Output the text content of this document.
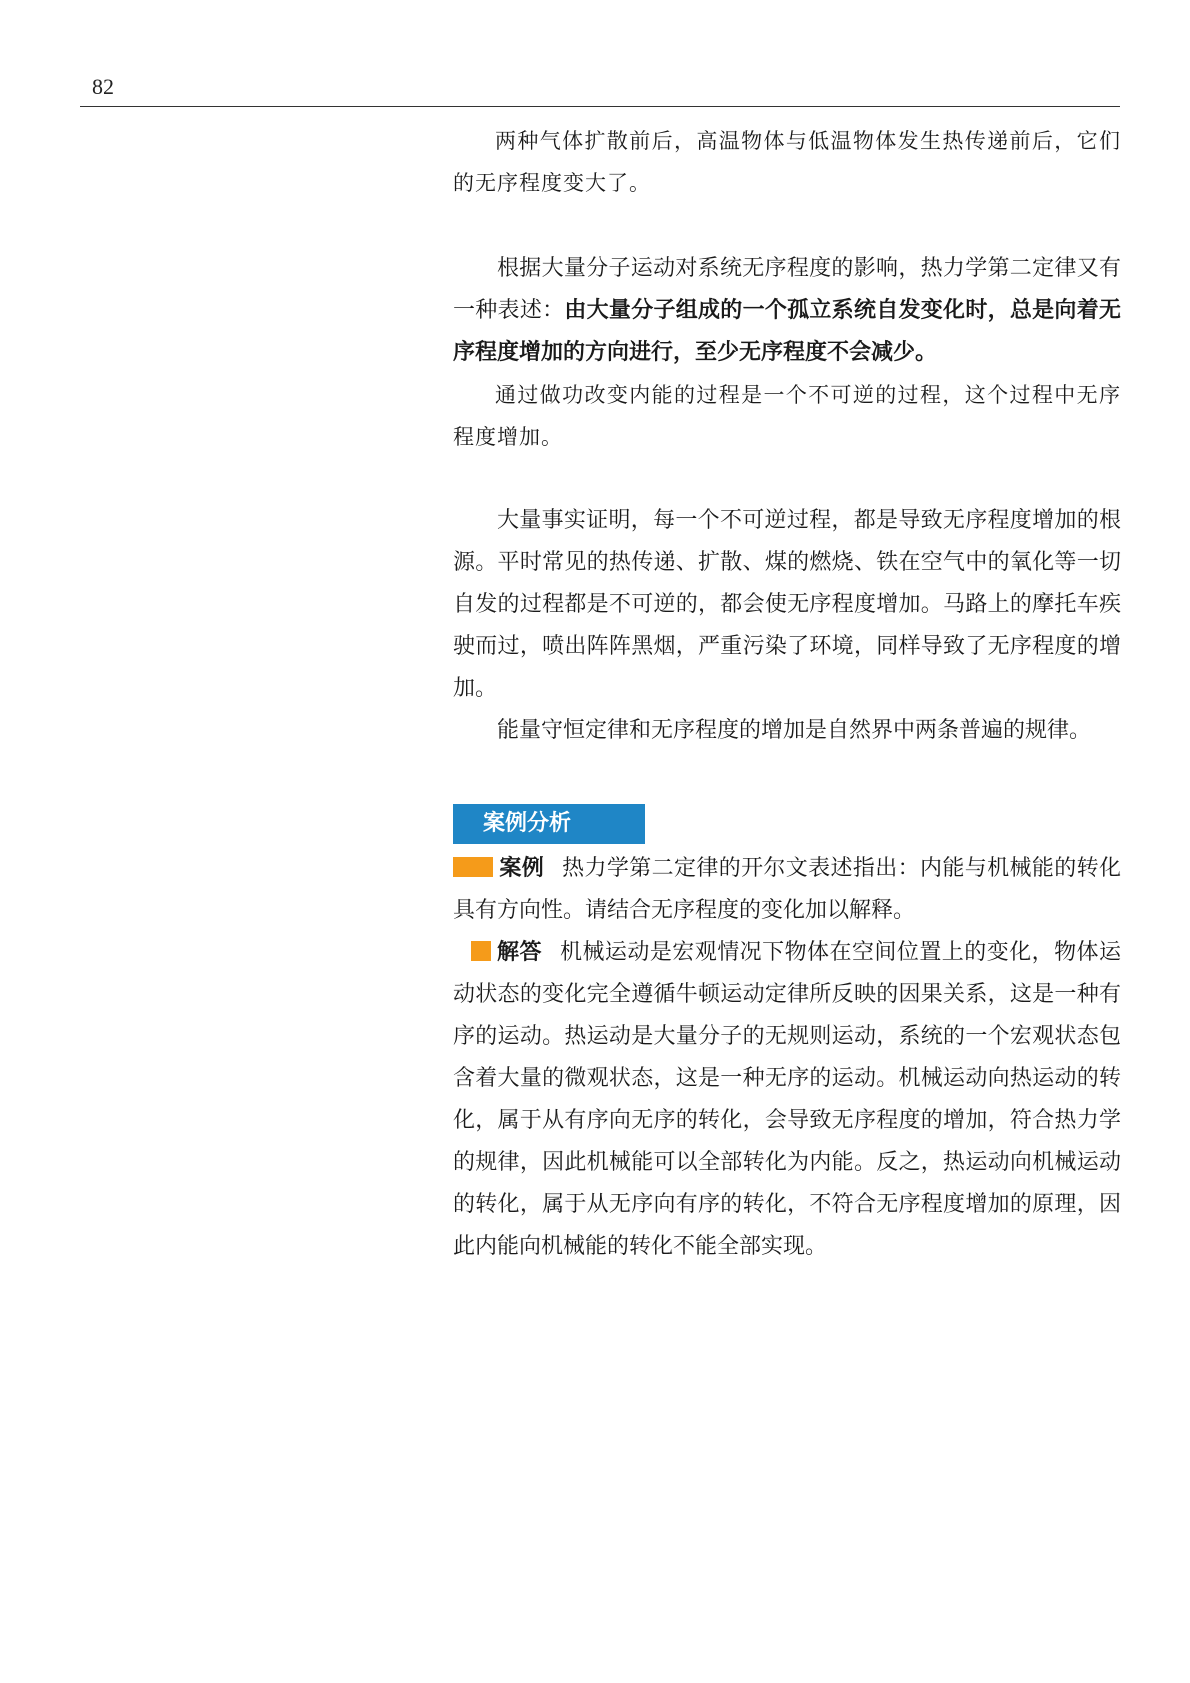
82

两种气体扩散前后，高温物体与低温物体发生热传递前后，它们的无序程度变大了。

根据大量分子运动对系统无序程度的影响，热力学第二定律又有一种表述：由大量分子组成的一个孤立系统自发变化时，总是向着无序程度增加的方向进行，至少无序程度不会减少。

通过做功改变内能的过程是一个不可逆的过程，这个过程中无序程度增加。

大量事实证明，每一个不可逆过程，都是导致无序程度增加的根源。平时常见的热传递、扩散、煤的燃烧、铁在空气中的氧化等一切自发的过程都是不可逆的，都会使无序程度增加。马路上的摩托车疾驶而过，喷出阵阵黑烟，严重污染了环境，同样导致了无序程度的增加。

能量守恒定律和无序程度的增加是自然界中两条普遍的规律。

案例分析

案例 热力学第二定律的开尔文表述指出：内能与机械能的转化具有方向性。请结合无序程度的变化加以解释。

解答 机械运动是宏观情况下物体在空间位置上的变化，物体运动状态的变化完全遵循牛顿运动定律所反映的因果关系，这是一种有序的运动。热运动是大量分子的无规则运动，系统的一个宏观状态包含着大量的微观状态，这是一种无序的运动。机械运动向热运动的转化，属于从有序向无序的转化，会导致无序程度的增加，符合热力学的规律，因此机械能可以全部转化为内能。反之，热运动向机械运动的转化，属于从无序向有序的转化，不符合无序程度增加的原理，因此内能向机械能的转化不能全部实现。
